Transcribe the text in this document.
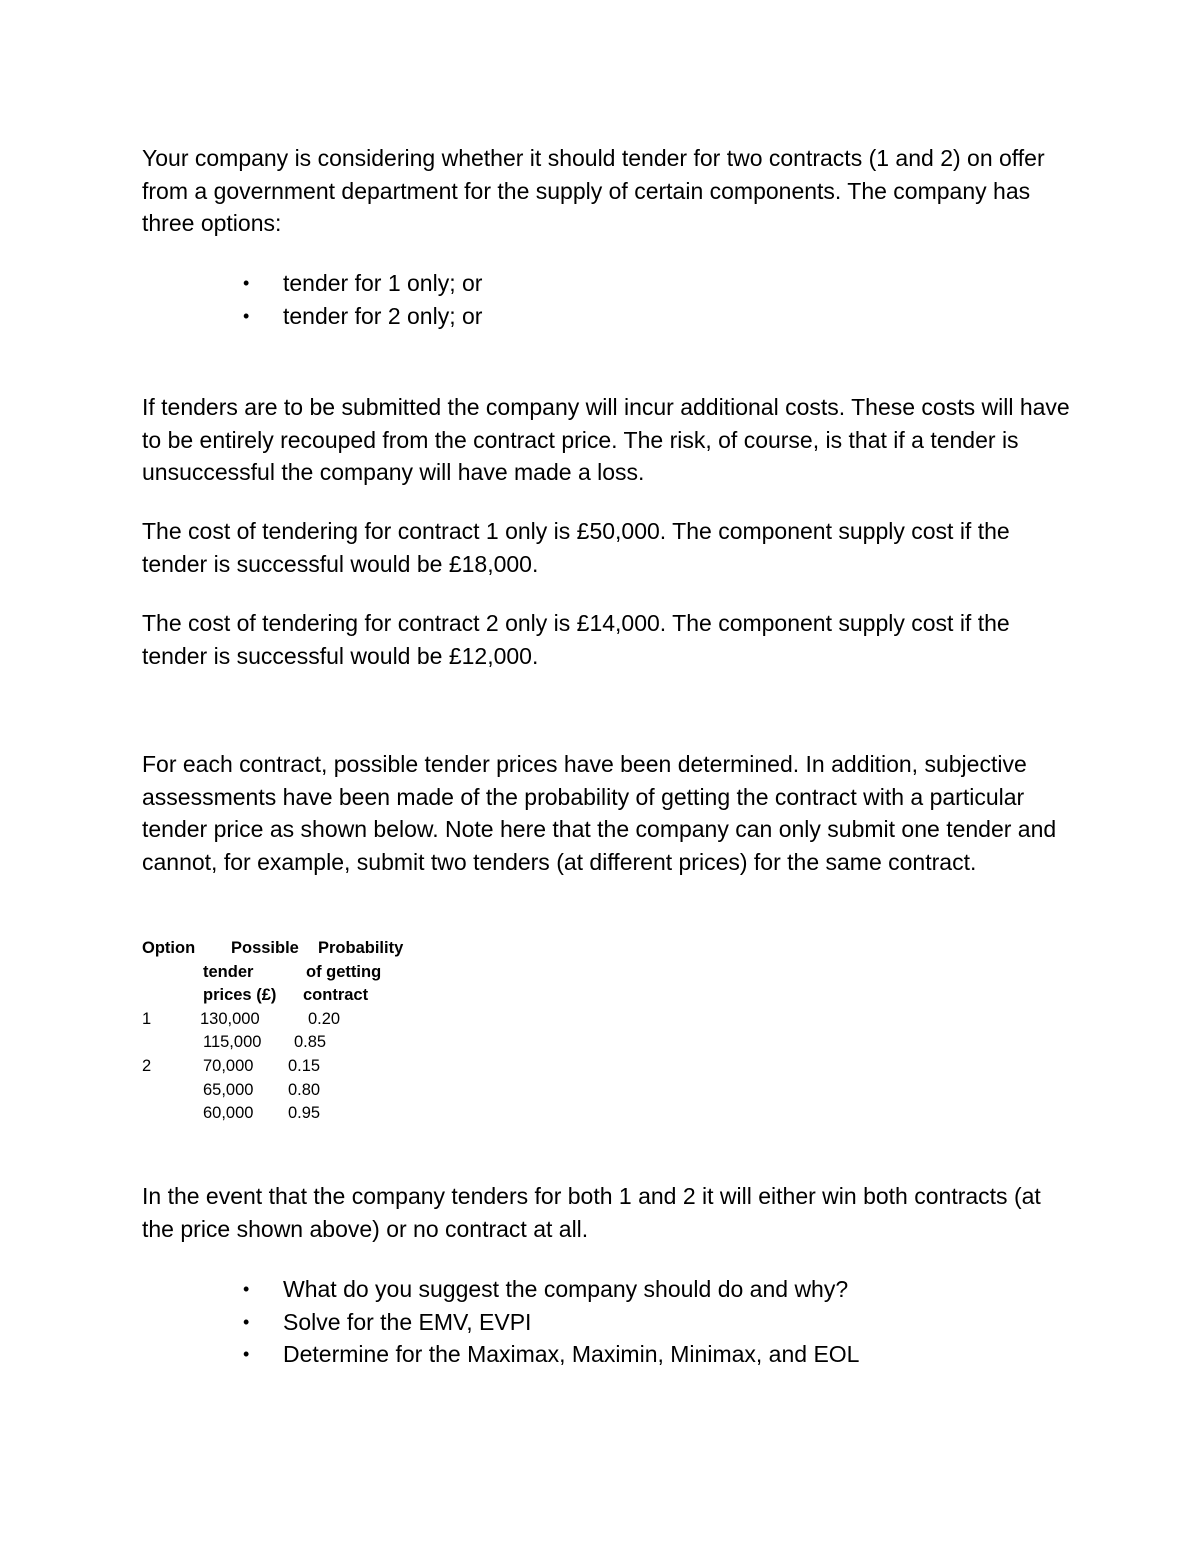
Your company is considering whether it should tender for two contracts (1 and 2) on offer from a government department for the supply of certain components. The company has three options:

• tender for 1 only; or
• tender for 2 only; or

If tenders are to be submitted the company will incur additional costs. These costs will have to be entirely recouped from the contract price. The risk, of course, is that if a tender is unsuccessful the company will have made a loss.

The cost of tendering for contract 1 only is £50,000. The component supply cost if the tender is successful would be £18,000.

The cost of tendering for contract 2 only is £14,000. The component supply cost if the tender is successful would be £12,000.

For each contract, possible tender prices have been determined. In addition, subjective assessments have been made of the probability of getting the contract with a particular tender price as shown below. Note here that the company can only submit one tender and cannot, for example, submit two tenders (at different prices) for the same contract.

Option Possible Probability
tender	of getting
prices (£) contract
1	130,000	0.20
115,000 0.85
2	70,000 0.15
65,000 0.80
60,000 0.95

In the event that the company tenders for both 1 and 2 it will either win both contracts (at the price shown above) or no contract at all.

• What do you suggest the company should do and why?
• Solve for the EMV, EVPI
• Determine for the Maximax, Maximin, Minimax, and EOL
